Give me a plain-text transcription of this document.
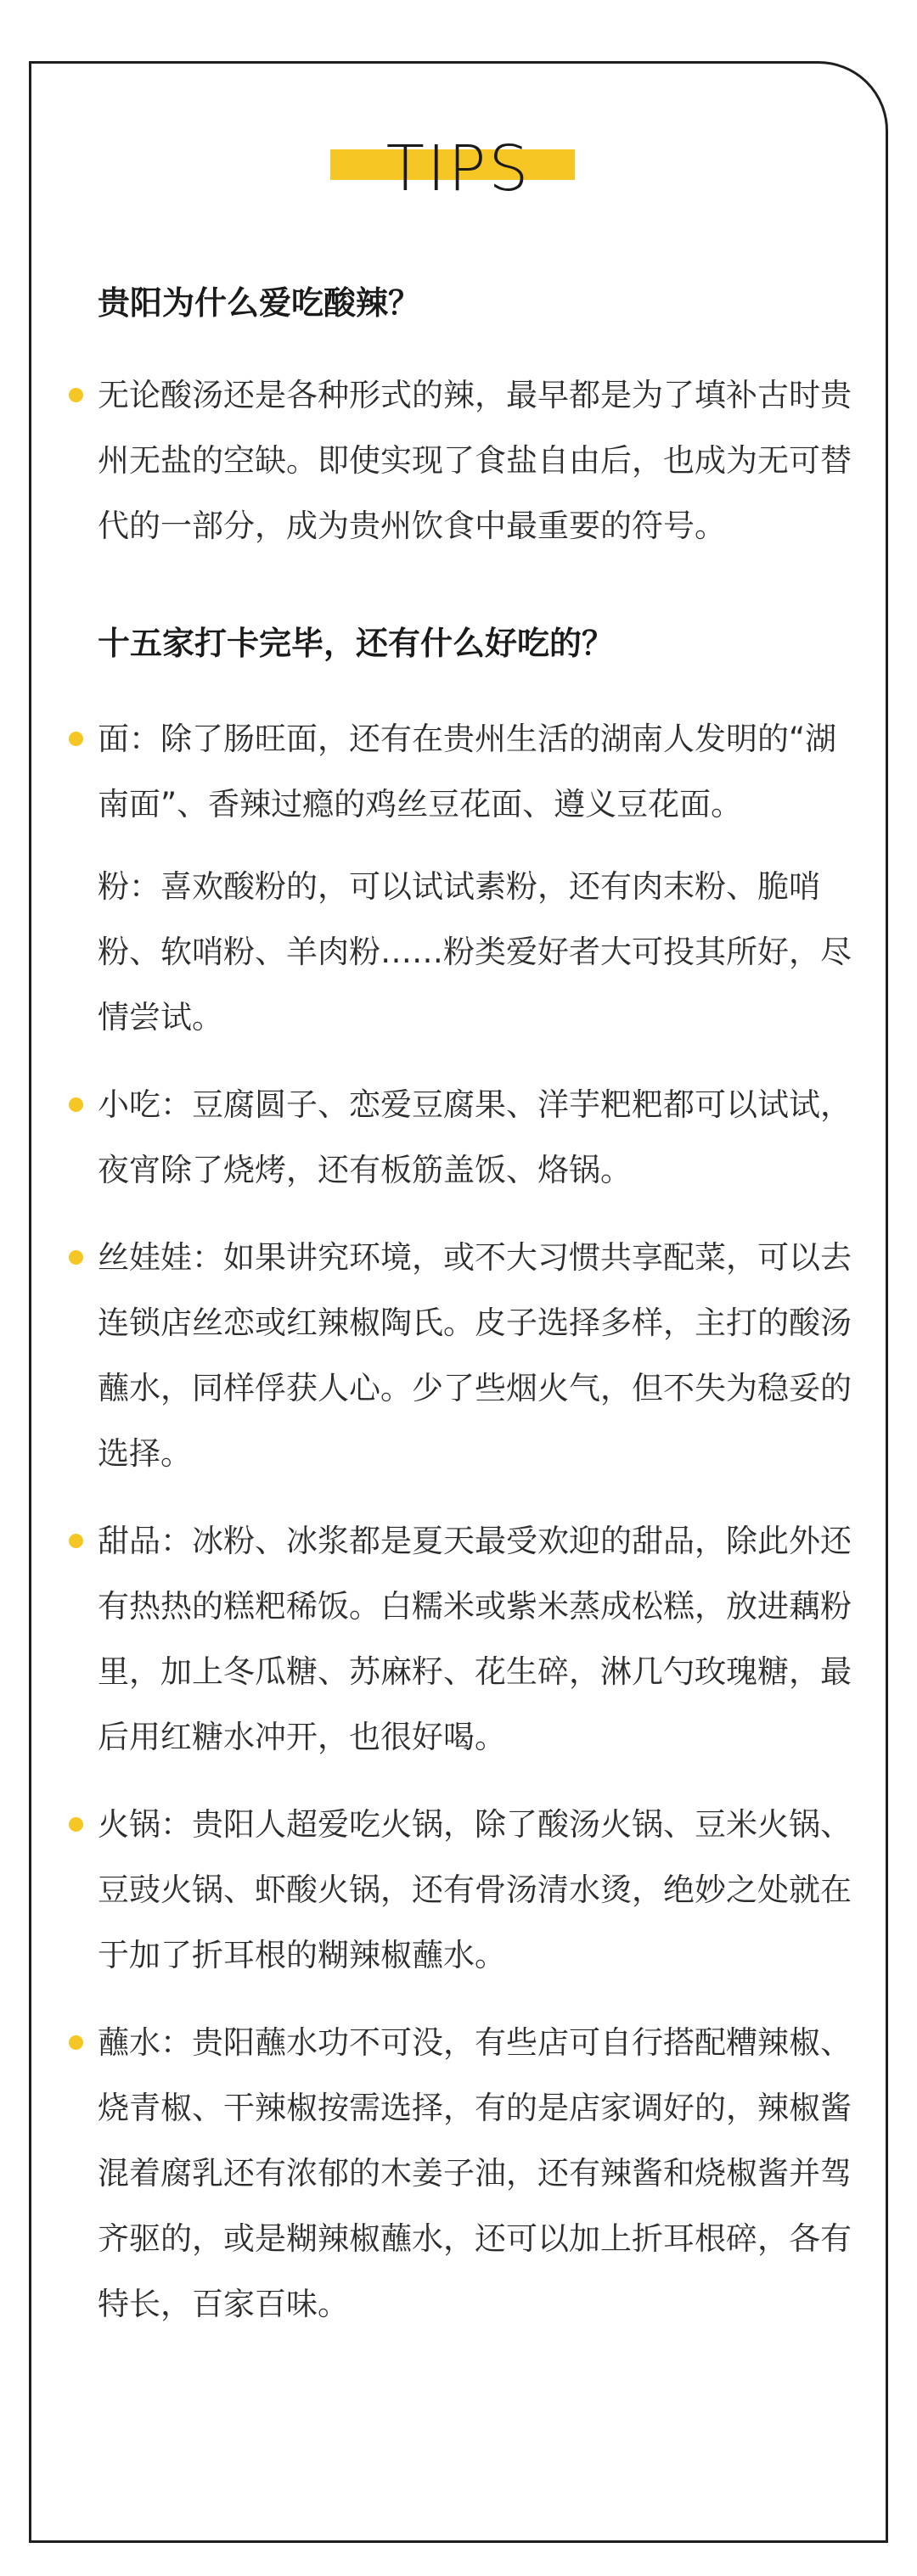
TIPS
贵阳为什么爱吃酸辣？
无论酸汤还是各种形式的辣，最早都是为了填补古时贵州无盐的空缺。即使实现了食盐自由后，也成为无可替代的一部分，成为贵州饮食中最重要的符号。
十五家打卡完毕，还有什么好吃的？
面：除了肠旺面，还有在贵州生活的湖南人发明的“湖南面”、香辣过瘾的鸡丝豆花面、遵义豆花面。
粉：喜欢酸粉的，可以试试素粉，还有肉末粉、脆哨粉、软哨粉、羊肉粉……粉类爱好者大可投其所好，尽情尝试。
小吃：豆腐圆子、恋爱豆腐果、洋芋粑粑都可以试试，夜宵除了烧烤，还有板筋盖饭、烙锅。
丝娃娃：如果讲究环境，或不大习惯共享配菜，可以去连锁店丝恋或红辣椒陶氏。皮子选择多样，主打的酸汤蘸水，同样俘获人心。少了些烟火气，但不失为稳妥的选择。
甜品：冰粉、冰浆都是夏天最受欢迎的甜品，除此外还有热热的糕粑稀饭。白糯米或紫米蒸成松糕，放进藕粉里，加上冬瓜糖、苏麻籽、花生碎，淋几勺玫瑰糖，最后用红糖水冲开，也很好喝。
火锅：贵阳人超爱吃火锅，除了酸汤火锅、豆米火锅、豆豉火锅、虾酸火锅，还有骨汤清水烫，绝妙之处就在于加了折耳根的糊辣椒蘸水。
蘸水：贵阳蘸水功不可没，有些店可自行搭配糟辣椒、烧青椒、干辣椒按需选择，有的是店家调好的，辣椒酱混着腐乳还有浓郁的木姜子油，还有辣酱和烧椒酱并驾齐驱的，或是糊辣椒蘸水，还可以加上折耳根碎，各有特长，百家百味。
